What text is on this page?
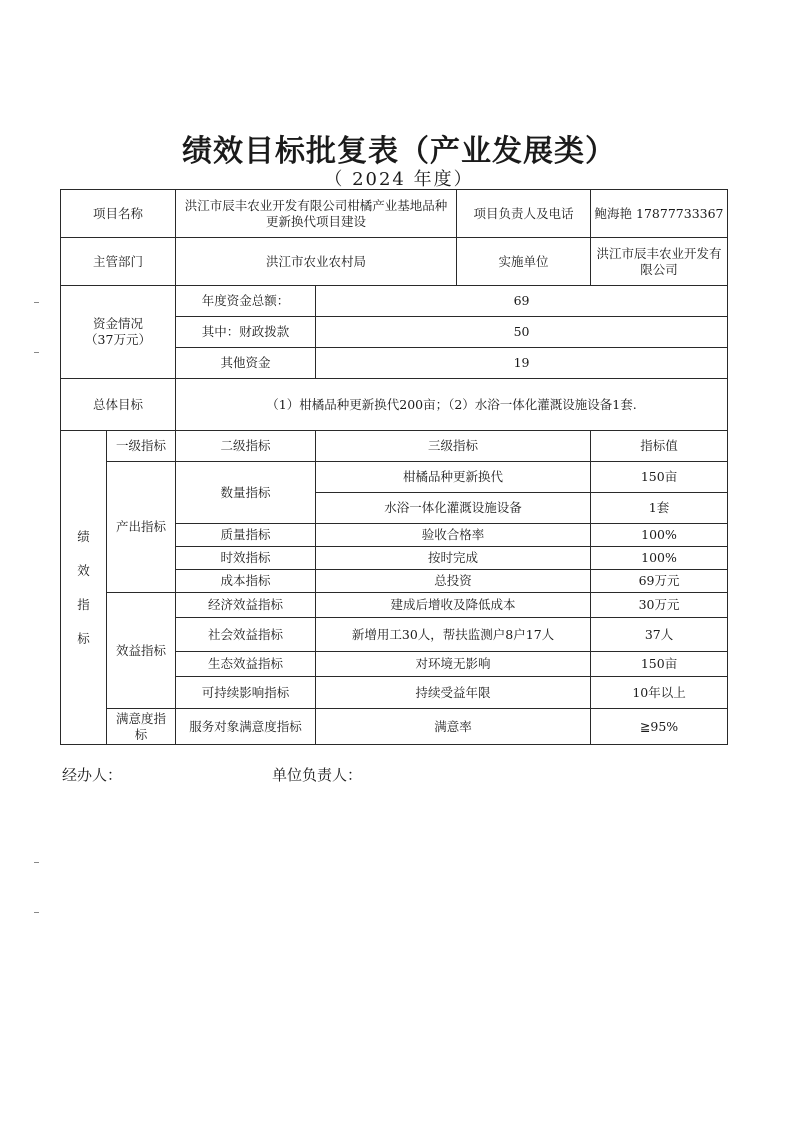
绩效目标批复表（产业发展类）
（ 2024 年度）
项目名称		洪江市辰丰农业开发有限公司柑橘产业基地品种更新换代项目建设		项目负责人及电话	鲍海艳 17877733367
主管部门		洪江市农业农村局		实施单位	洪江市辰丰农业开发有限公司

资金情况
（37万元）		年度资金总额：	69		
		其中：财政拨款	50		
		其他资金	19		
总体目标		（1）柑橘品种更新换代200亩；（2）水浴一体化灌溉设施设备1套.			

绩
效
指
标	一级指标	二级指标	三级指标		指标值
	产出指标	数量指标	柑橘品种更新换代		150亩
			水浴一体化灌溉设施设备		1套
		质量指标	验收合格率		100%
		时效指标	按时完成		100%
		成本指标	总投资		69万元
	效益指标	经济效益指标	建成后增收及降低成本		30万元
		社会效益指标	新增用工30人，帮扶监测户8户17人		37人
		生态效益指标	对环境无影响		150亩
		可持续影响指标	持续受益年限		10年以上
	满意度指标	服务对象满意度指标	满意率		≧95%
经办人：	单位负责人：
